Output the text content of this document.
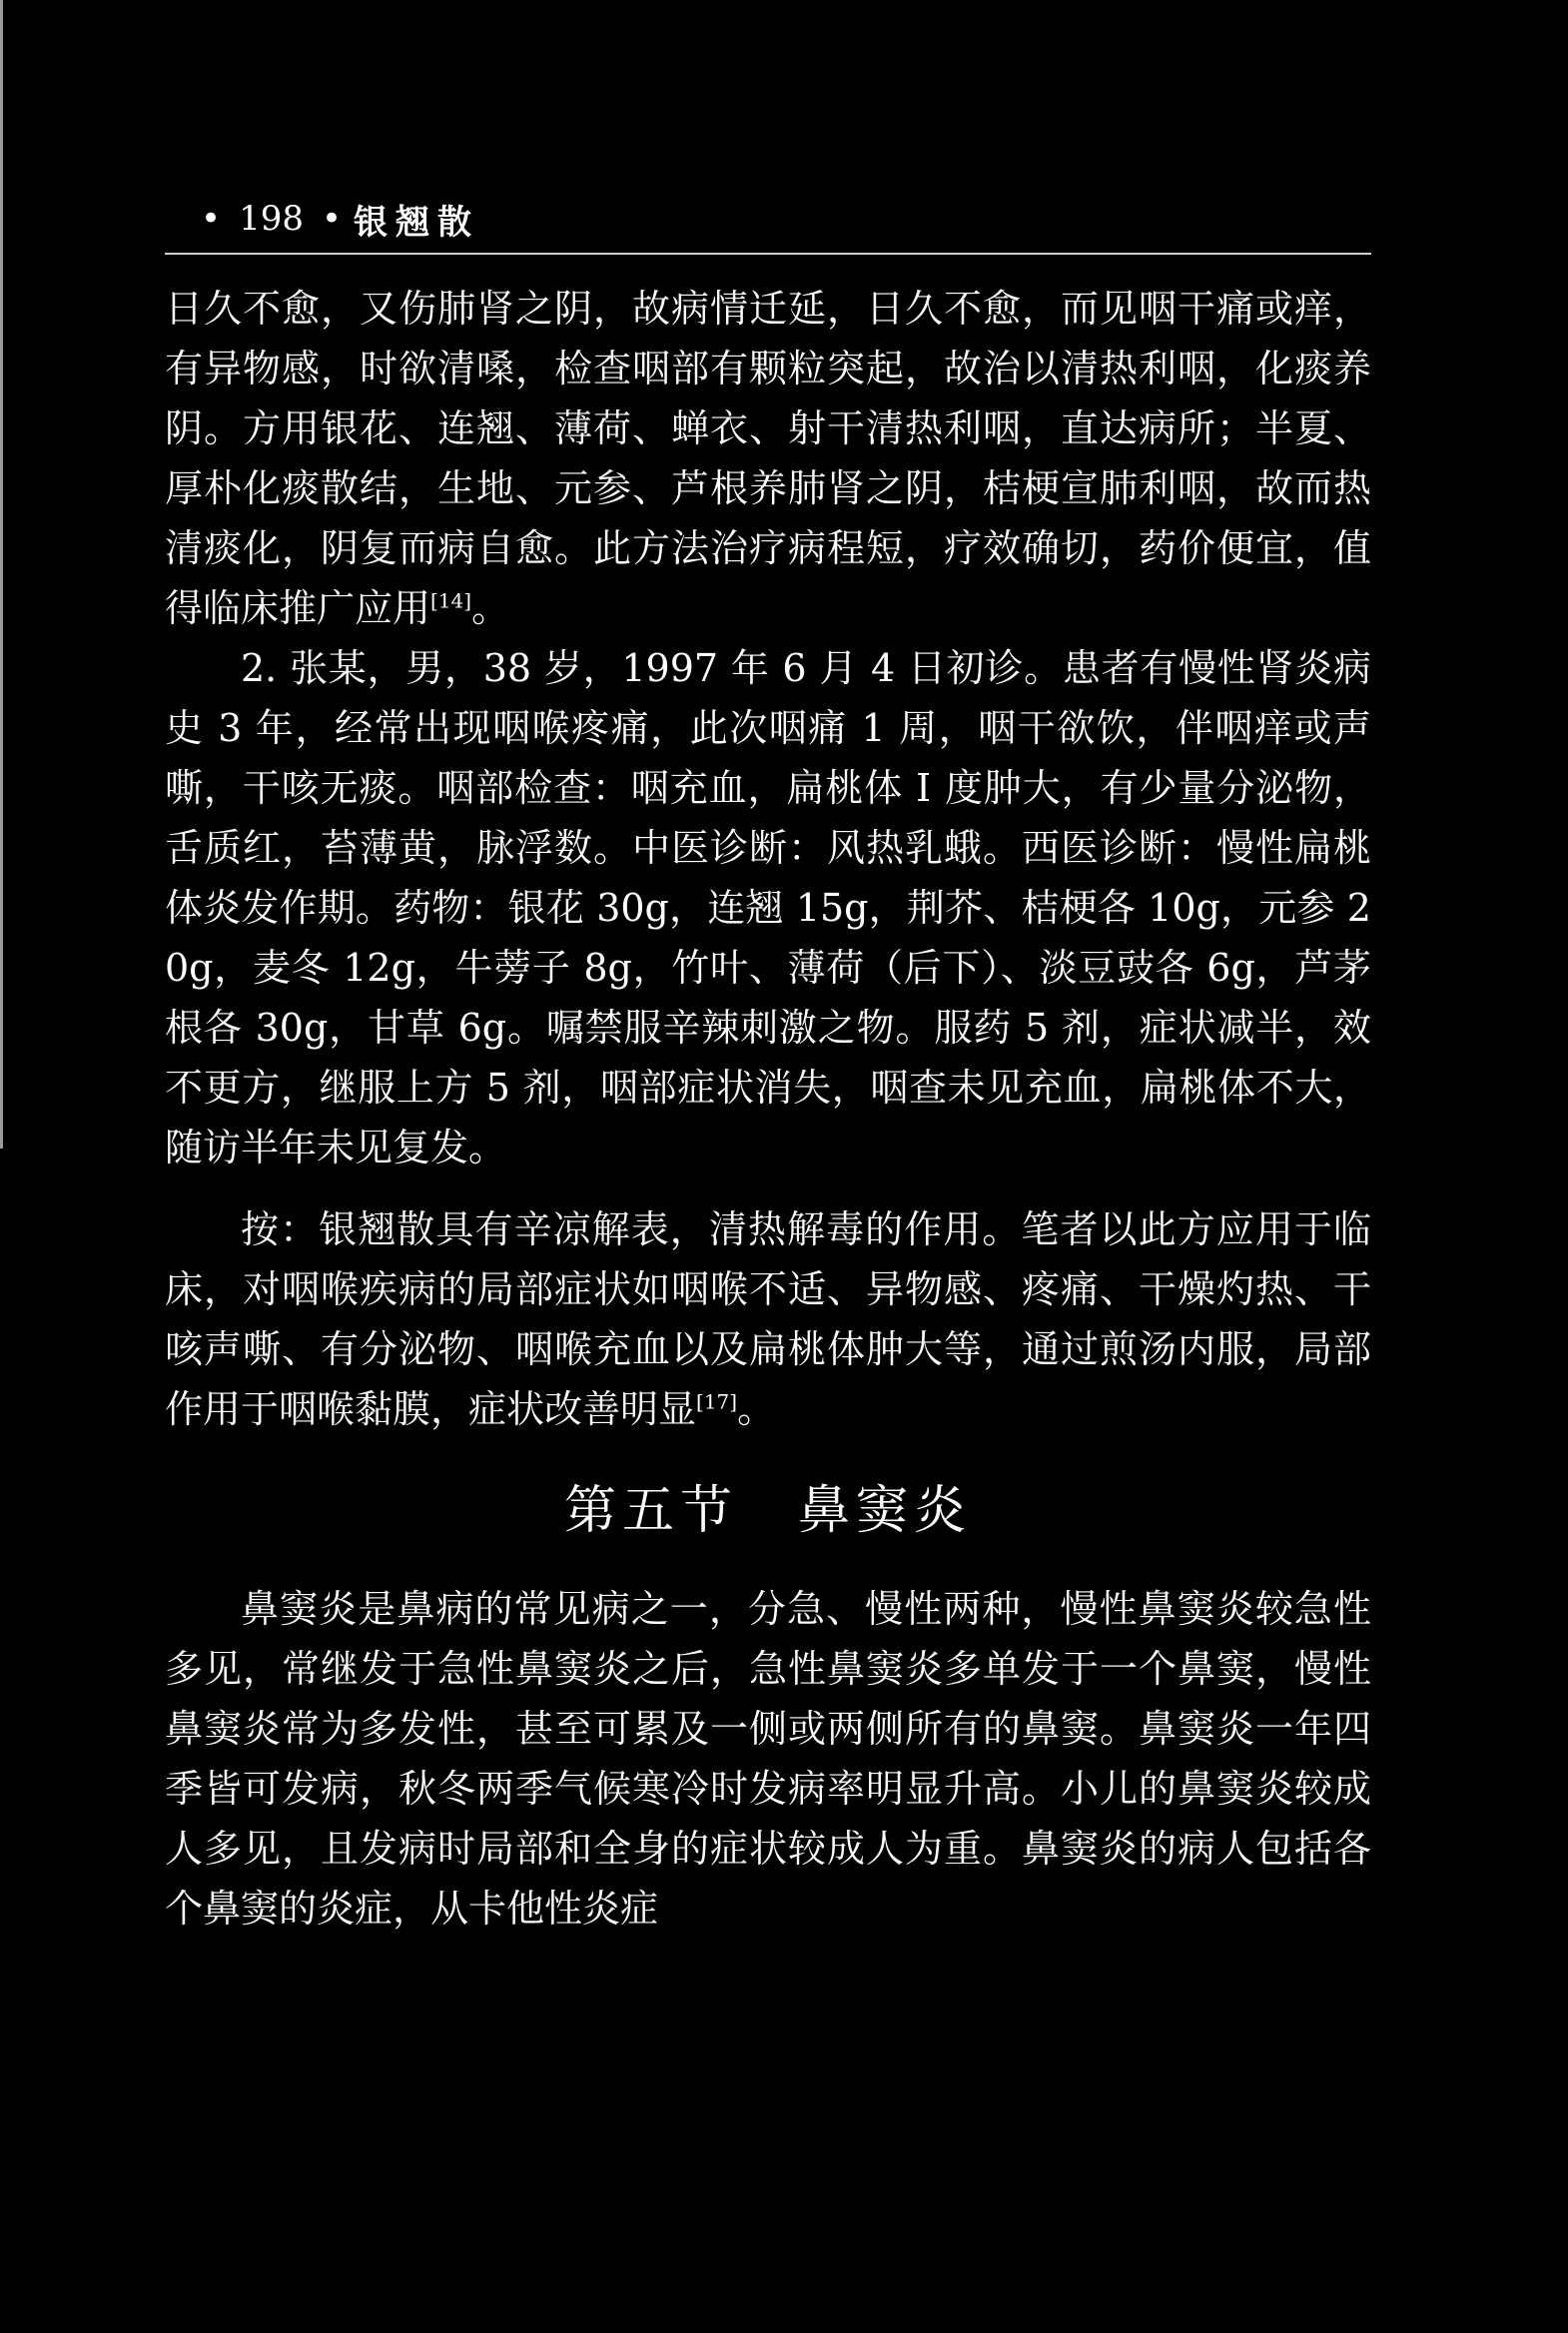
• 198 • 银翘散

日久不愈，又伤肺肾之阴，故病情迁延，日久不愈，而见咽干痛或痒，有异物感，时欲清嗓，检查咽部有颗粒突起，故治以清热利咽，化痰养阴。方用银花、连翘、薄荷、蝉衣、射干清热利咽，直达病所；半夏、厚朴化痰散结，生地、元参、芦根养肺肾之阴，桔梗宣肺利咽，故而热清痰化，阴复而病自愈。此方法治疗病程短，疗效确切，药价便宜，值得临床推广应用[14]。

2. 张某，男，38 岁，1997 年 6 月 4 日初诊。患者有慢性肾炎病史 3 年，经常出现咽喉疼痛，此次咽痛 1 周，咽干欲饮，伴咽痒或声嘶，干咳无痰。咽部检查：咽充血，扁桃体 Ⅰ 度肿大，有少量分泌物，舌质红，苔薄黄，脉浮数。中医诊断：风热乳蛾。西医诊断：慢性扁桃体炎发作期。药物：银花 30g，连翘 15g，荆芥、桔梗各 10g，元参 20g，麦冬 12g，牛蒡子 8g，竹叶、薄荷（后下）、淡豆豉各 6g，芦茅根各 30g，甘草 6g。嘱禁服辛辣刺激之物。服药 5 剂，症状减半，效不更方，继服上方 5 剂，咽部症状消失，咽查未见充血，扁桃体不大，随访半年未见复发。

按：银翘散具有辛凉解表，清热解毒的作用。笔者以此方应用于临床，对咽喉疾病的局部症状如咽喉不适、异物感、疼痛、干燥灼热、干咳声嘶、有分泌物、咽喉充血以及扁桃体肿大等，通过煎汤内服，局部作用于咽喉黏膜，症状改善明显[17]。

第五节 鼻窦炎

鼻窦炎是鼻病的常见病之一，分急、慢性两种，慢性鼻窦炎较急性多见，常继发于急性鼻窦炎之后，急性鼻窦炎多单发于一个鼻窦，慢性鼻窦炎常为多发性，甚至可累及一侧或两侧所有的鼻窦。鼻窦炎一年四季皆可发病，秋冬两季气候寒冷时发病率明显升高。小儿的鼻窦炎较成人多见，且发病时局部和全身的症状较成人为重。鼻窦炎的病人包括各个鼻窦的炎症，从卡他性炎症
